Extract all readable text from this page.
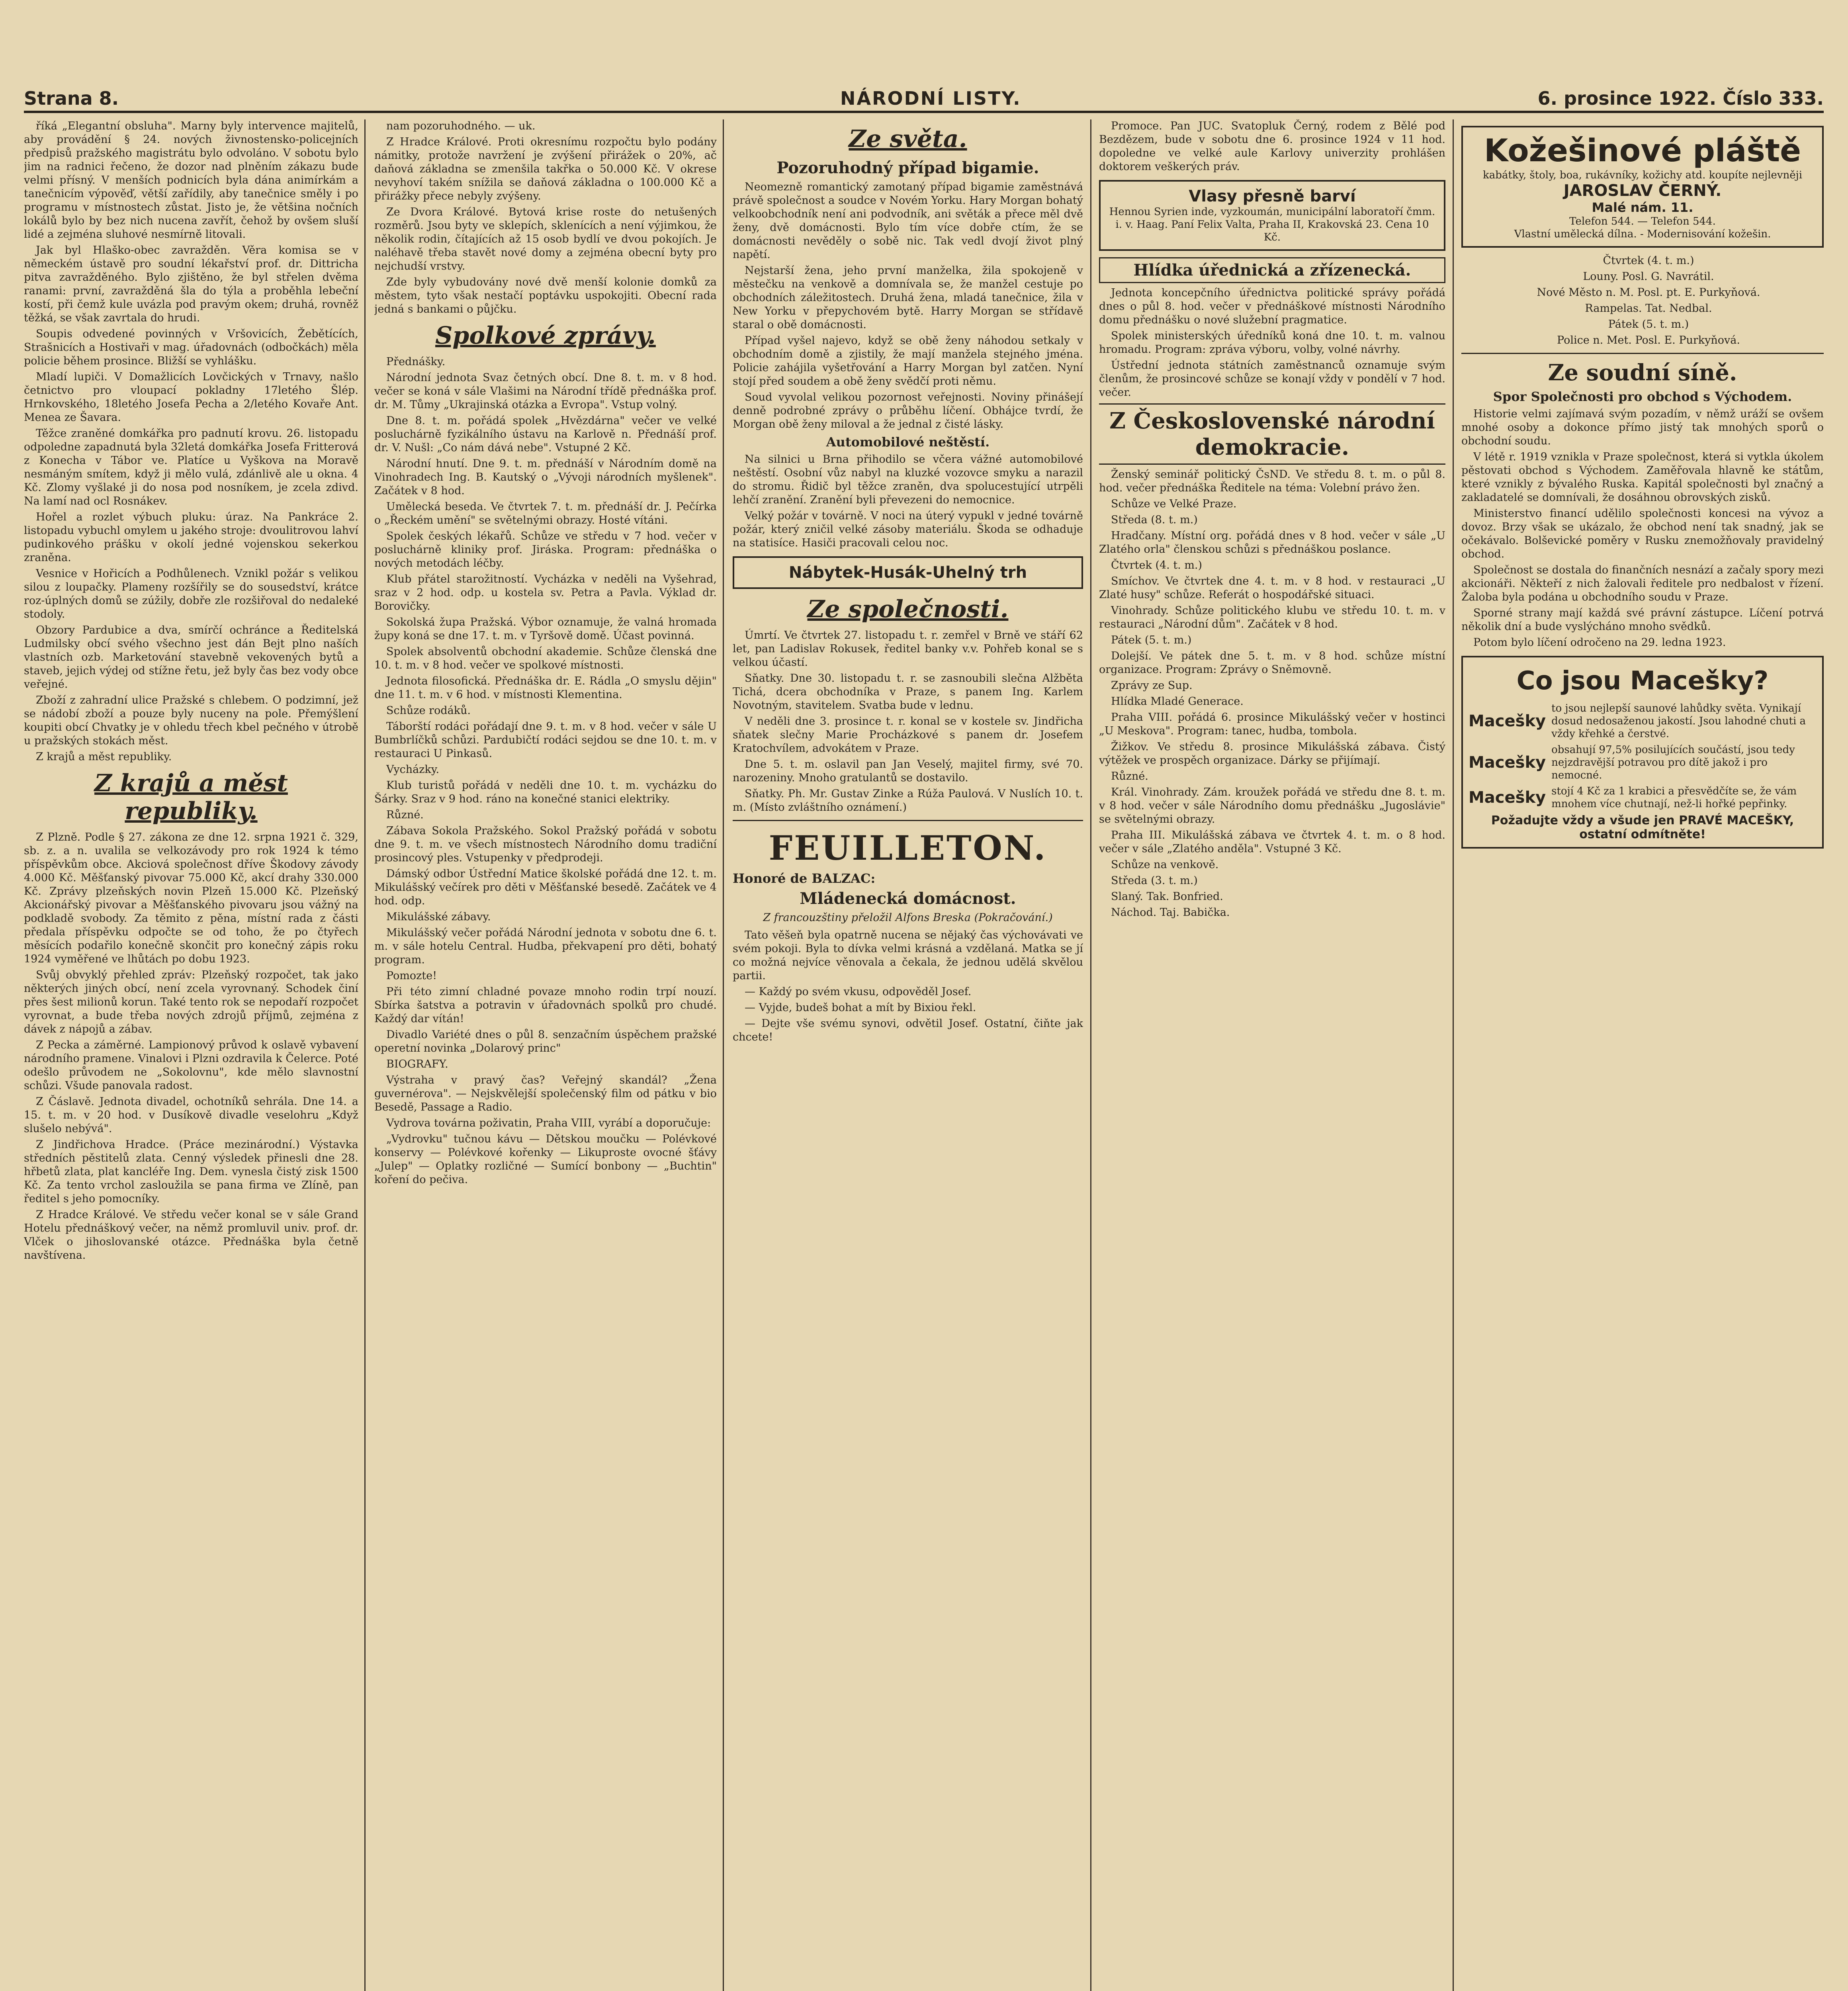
Strana 8.	NÁRODNÍ LISTY.	6. prosince 1922. Číslo 333.

říká „Elegantní obsluha". Marny byly intervence majitelů, aby provádění § 24. nových živnostensko-policejních předpisů pražského magistrátu bylo odvoláno. V sobotu bylo jim na radnici řečeno, že dozor nad plněním zákazu bude velmi přísný. V menších podnicích byla dána animírkám a tanečnicím výpověď, větší zařídily, aby tanečnice směly i po programu v místnostech zůstat. Jisto je, že většina nočních lokálů bylo by bez nich nucena zavřít, čehož by ovšem sluší lidé a zejména sluhové nesmírně litovali.

Jak byl Hlaško-obec zavražděn. Věra komisa se v německém ústavě pro soudní lékařství prof. dr. Dittricha pitva zavražděného. Bylo zjištěno, že byl střelen dvěma ranami: první, zavražděná šla do týla a proběhla lebeční kostí, při čemž kule uvázla pod pravým okem; druhá, rovněž těžká, se však zavrtala do hrudi.

Soupis odvedené povinných v Vršovicích, Žebětících, Strašnicích a Hostivaři v mag. úřadovnách (odbočkách) měla policie během prosince. Bližší se vyhlášku.

Mladí lupiči. V Domažlicích Lovčických v Trnavy, našlo četnictvo pro vloupací pokladny 17letého Šlép. Hrnkovského, 18letého Josefa Pecha a 2/letého Kovaře Ant. Menea ze Šavara.

Těžce zraněné domkářka pro padnutí krovu. 26. listopadu odpoledne zapadnutá byla 32letá domkářka Josefa Fritterová z Konecha v Tábor ve. Platíce u Vyškova na Moravě nesmáným smítem, když ji mělo vulá, zdánlivě ale u okna. 4 Kč. Zlomy vyšlaké ji do nosa pod nosníkem, je zcela zdivd. Na lamí nad ocl Rosnákev.

Hořel a rozlet výbuch pluku: úraz. Na Pankráce 2. listopadu vybuchl omylem u jakého stroje: dvoulitrovou lahví pudinkového prášku v okolí jedné vojenskou sekerkou zraněna.

Vesnice v Hořicích a Podhůlenech. Vznikl požár s velikou silou z loupačky. Plameny rozšířily se do sousedství, krátce roz-úplných domů se zúžily, dobře zle rozšiřoval do nedaleké stodoly.

Obzory Pardubice a dva, smírčí ochránce a Ředitelská Ludmilsky obcí svého všechno jest dán Bejt plno naších vlastních ozb. Marketování stavebně vekovených bytů a staveb, jejich výdej od stížne řetu, jež byly čas bez vody obce veřejné.

Zboží z zahradní ulice Pražské s chlebem. O podzimní, jež se nádobí zboží a pouze byly nuceny na pole. Přemýšlení koupiti obcí Chvatky je v ohledu třech kbel pečného v útrobě u pražských stokách měst.

Z krajů a měst republiky.

Z krajů a měst republiky.

Z Plzně. Podle § 27. zákona ze dne 12. srpna 1921 č. 329, sb. z. a n. uvalila se velkozávody pro rok 1924 k témo příspěvkům obce. Akciová společnost dříve Škodovy závody 4.000 Kč. Měšťanský pivovar 75.000 Kč, akcí drahy 330.000 Kč. Zprávy plzeňských novin Plzeň 15.000 Kč. Plzeňský Akcionářský pivovar a Měšťanského pivovaru jsou vážný na podkladě svobody. Za těmito z pěna, místní rada z části předala příspěvku odpočte se od toho, že po čtyřech měsících podařilo konečně skončit pro konečný zápis roku 1924 vyměřené ve lhůtách po dobu 1923.

Svůj obvyklý přehled zpráv: Plzeňský rozpočet, tak jako některých jiných obcí, není zcela vyrovnaný. Schodek činí přes šest milionů korun. Také tento rok se nepodaří rozpočet vyrovnat, a bude třeba nových zdrojů příjmů, zejména z dávek z nápojů a zábav.

Z Pecka a záměrné. Lampionový průvod k oslavě vybavení národního pramene. Vinalovi i Plzni ozdravila k Čelerce. Poté odešlo průvodem ne „Sokolovnu", kde mělo slavnostní schůzi. Všude panovala radost.

Z Čáslavě. Jednota divadel, ochotníků sehrála. Dne 14. a 15. t. m. v 20 hod. v Dusíkově divadle veselohru „Když slušelo nebývá".

Z Jindřichova Hradce. (Práce mezinárodní.) Výstavka středních pěstitelů zlata. Cenný výsledek přinesli dne 28. hřbetů zlata, plat kancléře Ing. Dem. vynesla čistý zisk 1500 Kč. Za tento vrchol zasloužila se pana firma ve Zlíně, pan ředitel s jeho pomocníky.

Z Hradce Králové. Ve středu večer konal se v sále Grand Hotelu přednáškový večer, na němž promluvil univ. prof. dr. Vlček o jihoslovanské otázce. Přednáška byla četně navštívena.

nam pozoruhodného. — uk.

Z Hradce Králové. Proti okresnímu rozpočtu bylo podány námitky, protože navržení je zvýšení přirážek o 20%, ač daňová základna se zmenšila takřka o 50.000 Kč. V okrese nevyhoví takém snížila se daňová základna o 100.000 Kč a přirážky přece nebyly zvýšeny.

Ze Dvora Králové. Bytová krise roste do netušených rozměrů. Jsou byty ve sklepích, sklenících a není výjimkou, že několik rodin, čítajících až 15 osob bydlí ve dvou pokojích. Je naléhavě třeba stavět nové domy a zejména obecní byty pro nejchudší vrstvy.

Zde byly vybudovány nové dvě menší kolonie domků za městem, tyto však nestačí poptávku uspokojiti. Obecní rada jedná s bankami o půjčku.

Spolkové zprávy.

Přednášky.

Národní jednota Svaz četných obcí. Dne 8. t. m. v 8 hod. večer se koná v sále Vlašimi na Národní třídě přednáška prof. dr. M. Tůmy „Ukrajinská otázka a Evropa". Vstup volný.

Dne 8. t. m. pořádá spolek „Hvězdárna" večer ve velké posluchárně fyzikálního ústavu na Karlově n. Přednáší prof. dr. V. Nušl: „Co nám dává nebe". Vstupné 2 Kč.

Národní hnutí. Dne 9. t. m. přednáší v Národním domě na Vinohradech Ing. B. Kautský o „Vývoji národních myšlenek". Začátek v 8 hod.

Umělecká beseda. Ve čtvrtek 7. t. m. přednáší dr. J. Pečírka o „Řeckém umění" se světelnými obrazy. Hosté vítáni.

Spolek českých lékařů. Schůze ve středu v 7 hod. večer v posluchárně kliniky prof. Jiráska. Program: přednáška o nových metodách léčby.

Klub přátel starožitností. Vycházka v neděli na Vyšehrad, sraz v 2 hod. odp. u kostela sv. Petra a Pavla. Výklad dr. Borovičky.

Sokolská župa Pražská. Výbor oznamuje, že valná hromada župy koná se dne 17. t. m. v Tyršově domě. Účast povinná.

Spolek absolventů obchodní akademie. Schůze členská dne 10. t. m. v 8 hod. večer ve spolkové místnosti.

Jednota filosofická. Přednáška dr. E. Rádla „O smyslu dějin" dne 11. t. m. v 6 hod. v místnosti Klementina.

Schůze rodáků.

Táborští rodáci pořádají dne 9. t. m. v 8 hod. večer v sále U Bumbrlíčků schůzi. Pardubičtí rodáci sejdou se dne 10. t. m. v restauraci U Pinkasů.

Vycházky.

Klub turistů pořádá v neděli dne 10. t. m. vycházku do Šárky. Sraz v 9 hod. ráno na konečné stanici elektriky.

Různé.

Zábava Sokola Pražského. Sokol Pražský pořádá v sobotu dne 9. t. m. ve všech místnostech Národního domu tradiční prosincový ples. Vstupenky v předprodeji.

Dámský odbor Ústřední Matice školské pořádá dne 12. t. m. Mikulášský večírek pro děti v Měšťanské besedě. Začátek ve 4 hod. odp.

Mikulášské zábavy.

Mikulášský večer pořádá Národní jednota v sobotu dne 6. t. m. v sále hotelu Central. Hudba, překvapení pro děti, bohatý program.

Pomozte!

Při této zimní chladné povaze mnoho rodin trpí nouzí. Sbírka šatstva a potravin v úřadovnách spolků pro chudé. Každý dar vítán!

Divadlo Variété dnes o půl 8. senzačním úspěchem pražské operetní novinka „Dolarový princ"

BIOGRAFY.

Výstraha v pravý čas? Veřejný skandál? „Žena guvernérova". — Nejskvělejší společenský film od pátku v bio Besedě, Passage a Radio.

Vydrova továrna poživatin, Praha VIII, vyrábí a doporučuje:

„Vydrovku" tučnou kávu — Dětskou moučku — Polévkové konservy — Polévkové kořenky — Likuproste ovocné šťávy „Julep" — Oplatky rozličné — Sumící bonbony — „Buchtin" koření do pečiva.

Ze světa.
Pozoruhodný případ bigamie.

Neomezně romantický zamotaný případ bigamie zaměstnává právě společnost a soudce v Novém Yorku. Hary Morgan bohatý velkoobchodník není ani podvodník, ani světák a přece měl dvě ženy, dvě domácnosti. Bylo tím více dobře ctím, že se domácnosti nevěděly o sobě nic. Tak vedl dvojí život plný napětí.

Nejstarší žena, jeho první manželka, žila spokojeně v městečku na venkově a domnívala se, že manžel cestuje po obchodních záležitostech. Druhá žena, mladá tanečnice, žila v New Yorku v přepychovém bytě. Harry Morgan se střídavě staral o obě domácnosti.

Případ vyšel najevo, když se obě ženy náhodou setkaly v obchodním domě a zjistily, že mají manžela stejného jména. Policie zahájila vyšetřování a Harry Morgan byl zatčen. Nyní stojí před soudem a obě ženy svědčí proti němu.

Soud vyvolal velikou pozornost veřejnosti. Noviny přinášejí denně podrobné zprávy o průběhu líčení. Obhájce tvrdí, že Morgan obě ženy miloval a že jednal z čisté lásky.

Automobilové neštěstí.

Na silnici u Brna přihodilo se včera vážné automobilové neštěstí. Osobní vůz nabyl na kluzké vozovce smyku a narazil do stromu. Řidič byl těžce zraněn, dva spolucestující utrpěli lehčí zranění. Zranění byli převezeni do nemocnice.

Velký požár v továrně. V noci na úterý vypukl v jedné továrně požár, který zničil velké zásoby materiálu. Škoda se odhaduje na statisíce. Hasiči pracovali celou noc.

Nábytek-Husák-Uhelný trh
Ze společnosti.

Úmrtí. Ve čtvrtek 27. listopadu t. r. zemřel v Brně ve stáří 62 let, pan Ladislav Rokusek, ředitel banky v.v. Pohřeb konal se s velkou účastí.

Sňatky. Dne 30. listopadu t. r. se zasnoubili slečna Alžběta Tichá, dcera obchodníka v Praze, s panem Ing. Karlem Novotným, stavitelem. Svatba bude v lednu.

V neděli dne 3. prosince t. r. konal se v kostele sv. Jindřicha sňatek slečny Marie Procházkové s panem dr. Josefem Kratochvílem, advokátem v Praze.

Dne 5. t. m. oslavil pan Jan Veselý, majitel firmy, své 70. narozeniny. Mnoho gratulantů se dostavilo.

Sňatky. Ph. Mr. Gustav Zinke a Rúža Paulová. V Nuslích 10. t. m. (Místo zvláštního oznámení.)

FEUILLETON.
Honoré de BALZAC:
Mládenecká domácnost.
Z francouzštiny přeložil Alfons Breska (Pokračování.)

Tato věšeň byla opatrně nucena se nějaký čas výchovávati ve svém pokoji. Byla to dívka velmi krásná a vzdělaná. Matka se jí co možná nejvíce věnovala a čekala, že jednou udělá skvělou partii.

— Každý po svém vkusu, odpověděl Josef.

— Vyjde, budeš bohat a mít by Bixiou řekl.

— Dejte vše svému synovi, odvětil Josef. Ostatní, čiňte jak chcete!

Promoce. Pan JUC. Svatopluk Černý, rodem z Bělé pod Bezdězem, bude v sobotu dne 6. prosince 1924 v 11 hod. dopoledne ve velké aule Karlovy univerzity prohlášen doktorem veškerých práv.

Vlasy přesně barví
Hennou Syrien inde, vyzkoumán, municipální laboratoří čmm. i. v. Haag. Paní Felix Valta, Praha II, Krakovská 23. Cena 10 Kč.
Hlídka úřednická a zřízenecká.

Jednota koncepčního úřednictva politické správy pořádá dnes o půl 8. hod. večer v přednáškové místnosti Národního domu přednášku o nové služební pragmatice.

Spolek ministerských úředníků koná dne 10. t. m. valnou hromadu. Program: zpráva výboru, volby, volné návrhy.

Ústřední jednota státních zaměstnanců oznamuje svým členům, že prosincové schůze se konají vždy v pondělí v 7 hod. večer.

Z Československé národní demokracie.

Ženský seminář politický ČsND. Ve středu 8. t. m. o půl 8. hod. večer přednáška Ředitele na téma: Volební právo žen.

Schůze ve Velké Praze.

Středa (8. t. m.)

Hradčany. Místní org. pořádá dnes v 8 hod. večer v sále „U Zlatého orla" členskou schůzi s přednáškou poslance.

Čtvrtek (4. t. m.)

Smíchov. Ve čtvrtek dne 4. t. m. v 8 hod. v restauraci „U Zlaté husy" schůze. Referát o hospodářské situaci.

Vinohrady. Schůze politického klubu ve středu 10. t. m. v restauraci „Národní dům". Začátek v 8 hod.

Pátek (5. t. m.)

Dolejší. Ve pátek dne 5. t. m. v 8 hod. schůze místní organizace. Program: Zprávy o Sněmovně.

Zprávy ze Sup.

Hlídka Mladé Generace.

Praha VIII. pořádá 6. prosince Mikulášský večer v hostinci „U Meskova". Program: tanec, hudba, tombola.

Žižkov. Ve středu 8. prosince Mikulášská zábava. Čistý výtěžek ve prospěch organizace. Dárky se přijímají.

Různé.

Král. Vinohrady. Zám. kroužek pořádá ve středu dne 8. t. m. v 8 hod. večer v sále Národního domu přednášku „Jugoslávie" se světelnými obrazy.

Praha III. Mikulášská zábava ve čtvrtek 4. t. m. o 8 hod. večer v sále „Zlatého anděla". Vstupné 3 Kč.

Schůze na venkově.

Středa (3. t. m.)

Slaný. Tak. Bonfried.

Náchod. Taj. Babička.

Kožešinové pláště
kabátky, štoly, boa, rukávníky, kožichy atd. koupíte nejlevněji
JAROSLAV ČERNÝ.
Malé nám. 11.
Telefon 544. — Telefon 544.
Vlastní umělecká dílna. - Modernisování kožešin.

Čtvrtek (4. t. m.)

Louny. Posl. G. Navrátil.

Nové Město n. M. Posl. pt. E. Purkyňová.

Rampelas. Tat. Nedbal.

Pátek (5. t. m.)

Police n. Met. Posl. E. Purkyňová.

Ze soudní síně.
Spor Společnosti pro obchod s Východem.

Historie velmi zajímavá svým pozadím, v němž uráží se ovšem mnohé osoby a dokonce přímo jistý tak mnohých sporů o obchodní soudu.

V létě r. 1919 vznikla v Praze společnost, která si vytkla úkolem pěstovati obchod s Východem. Zaměřovala hlavně ke státům, které vznikly z bývalého Ruska. Kapitál společnosti byl značný a zakladatelé se domnívali, že dosáhnou obrovských zisků.

Ministerstvo financí udělilo společnosti koncesi na vývoz a dovoz. Brzy však se ukázalo, že obchod není tak snadný, jak se očekávalo. Bolševické poměry v Rusku znemožňovaly pravidelný obchod.

Společnost se dostala do finančních nesnází a začaly spory mezi akcionáři. Někteří z nich žalovali ředitele pro nedbalost v řízení. Žaloba byla podána u obchodního soudu v Praze.

Sporné strany mají každá své právní zástupce. Líčení potrvá několik dní a bude vyslýcháno mnoho svědků.

Potom bylo líčení odročeno na 29. ledna 1923.

Co jsou Macešky?
Macešky
to jsou nejlepší saunové lahůdky světa. Vynikají dosud nedosaženou jakostí. Jsou lahodné chuti a vždy křehké a čerstvé.
Macešky
obsahují 97,5% posilujících součástí, jsou tedy nejzdravější potravou pro dítě jakož i pro nemocné.
Macešky stojí 4 Kč za 1 krabici a přesvědčíte se, že vám mnohem více chutnají, než-li hořké pepřinky.
Požadujte vždy a všude jen PRAVÉ MACEŠKY, ostatní odmítněte!
